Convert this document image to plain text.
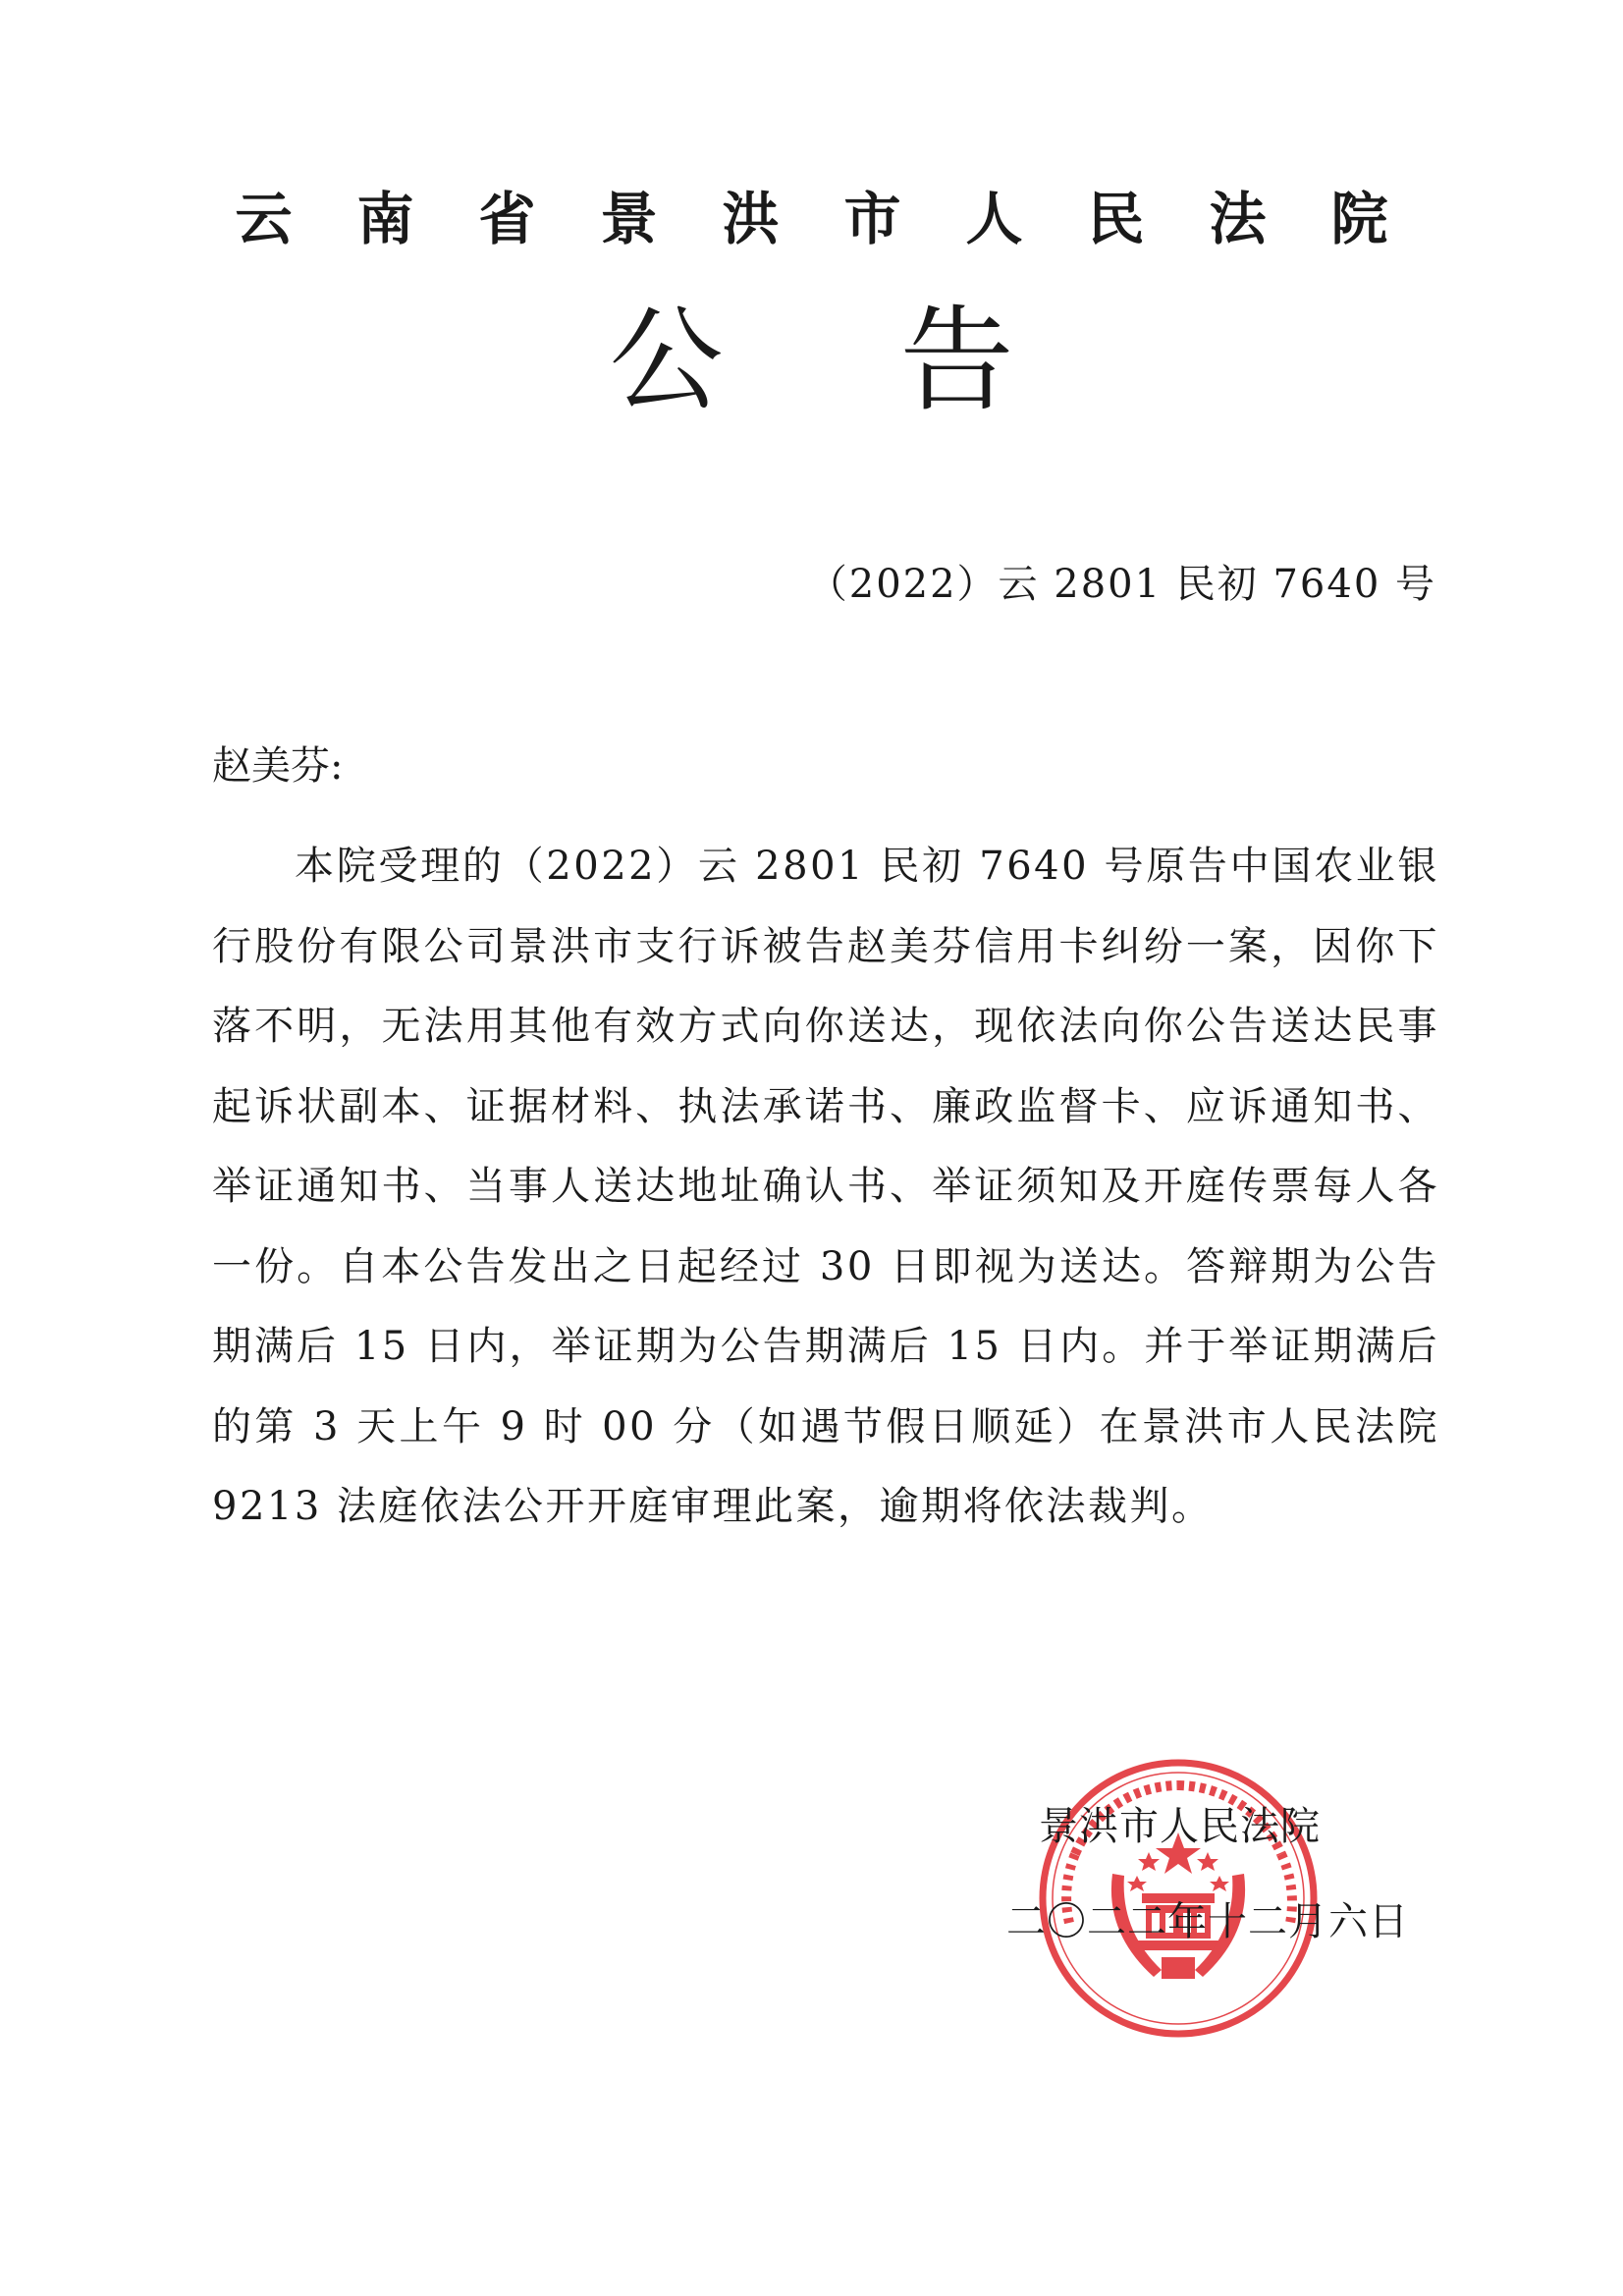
云南省景洪市人民法院
公告
（2022）云 2801 民初 7640 号
赵美芬:
本院受理的（2022）云 2801 民初 7640 号原告中国农业银行股份有限公司景洪市支行诉被告赵美芬信用卡纠纷一案，因你下落不明，无法用其他有效方式向你送达，现依法向你公告送达民事起诉状副本、证据材料、执法承诺书、廉政监督卡、应诉通知书、举证通知书、当事人送达地址确认书、举证须知及开庭传票每人各一份。自本公告发出之日起经过 30 日即视为送达。答辩期为公告期满后 15 日内，举证期为公告期满后 15 日内。并于举证期满后的第 3 天上午 9 时 00 分（如遇节假日顺延）在景洪市人民法院 9213 法庭依法公开开庭审理此案，逾期将依法裁判。
景洪市人民法院
二〇二二年十二月六日
